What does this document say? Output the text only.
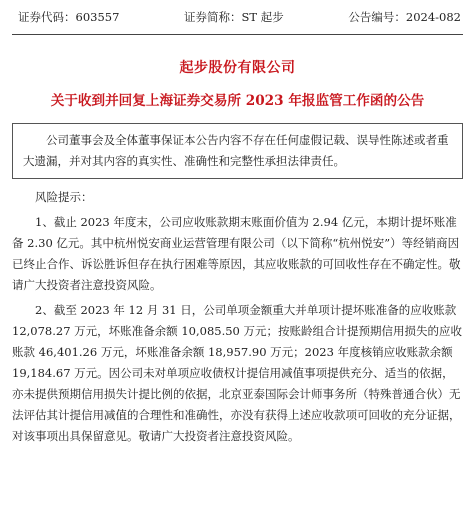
证券代码：603557	证券简称：ST 起步	公告编号：2024-082
起步股份有限公司
关于收到并回复上海证券交易所 2023 年报监管工作函的公告
公司董事会及全体董事保证本公告内容不存在任何虚假记载、误导性陈述或者重大遗漏，并对其内容的真实性、准确性和完整性承担法律责任。

风险提示：

1、截止 2023 年度末，公司应收账款期末账面价值为 2.94 亿元，本期计提坏账准备 2.30 亿元。其中杭州悦安商业运营管理有限公司（以下简称“杭州悦安”）等经销商因已终止合作、诉讼胜诉但存在执行困难等原因，其应收账款的可回收性存在不确定性。敬请广大投资者注意投资风险。

2、截至 2023 年 12 月 31 日，公司单项金额重大并单项计提坏账准备的应收账款 12,078.27 万元，坏账准备余额 10,085.50 万元；按账龄组合计提预期信用损失的应收账款 46,401.26 万元，坏账准备余额 18,957.90 万元；2023 年度核销应收账款余额 19,184.67 万元。因公司未对单项应收债权计提信用减值事项提供充分、适当的依据，亦未提供预期信用损失计提比例的依据，北京亚泰国际会计师事务所（特殊普通合伙）无法评估其计提信用减值的合理性和准确性，亦没有获得上述应收款项可回收的充分证据，对该事项出具保留意见。敬请广大投资者注意投资风险。
